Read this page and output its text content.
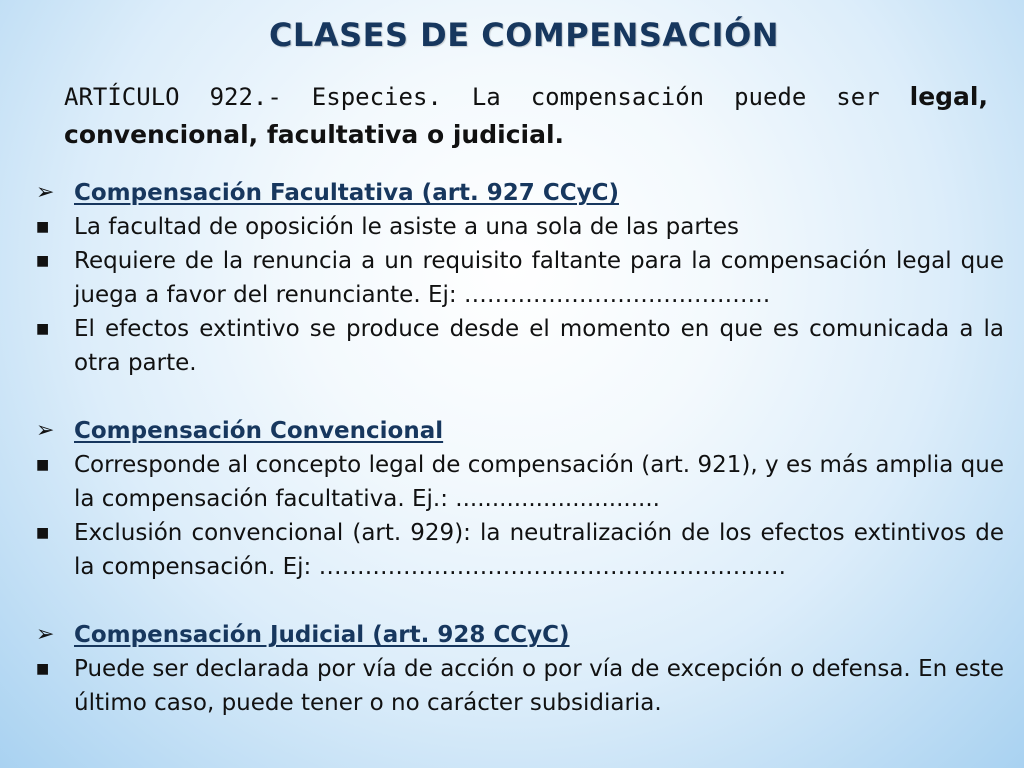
CLASES DE COMPENSACIÓN
ARTÍCULO 922.- Especies. La compensación puede ser legal, convencional, facultativa o judicial.
➢ Compensación Facultativa (art. 927 CCyC)
■	La facultad de oposición le asiste a una sola de las partes
■	Requiere de la renuncia a un requisito faltante para la compensación legal que juega a favor del renunciante. Ej: ………………………………….
■	El efectos extintivo se produce desde el momento en que es comunicada a la otra parte.
➢ Compensación Convencional
■	Corresponde al concepto legal de compensación (art. 921), y es más amplia que la compensación facultativa. Ej.: ............................
■	Exclusión convencional (art. 929): la neutralización de los efectos extintivos de la compensación. Ej: …………………………………………………….
➢ Compensación Judicial (art. 928 CCyC)
■	Puede ser declarada por vía de acción o por vía de excepción o defensa. En este último caso, puede tener o no carácter subsidiaria.
